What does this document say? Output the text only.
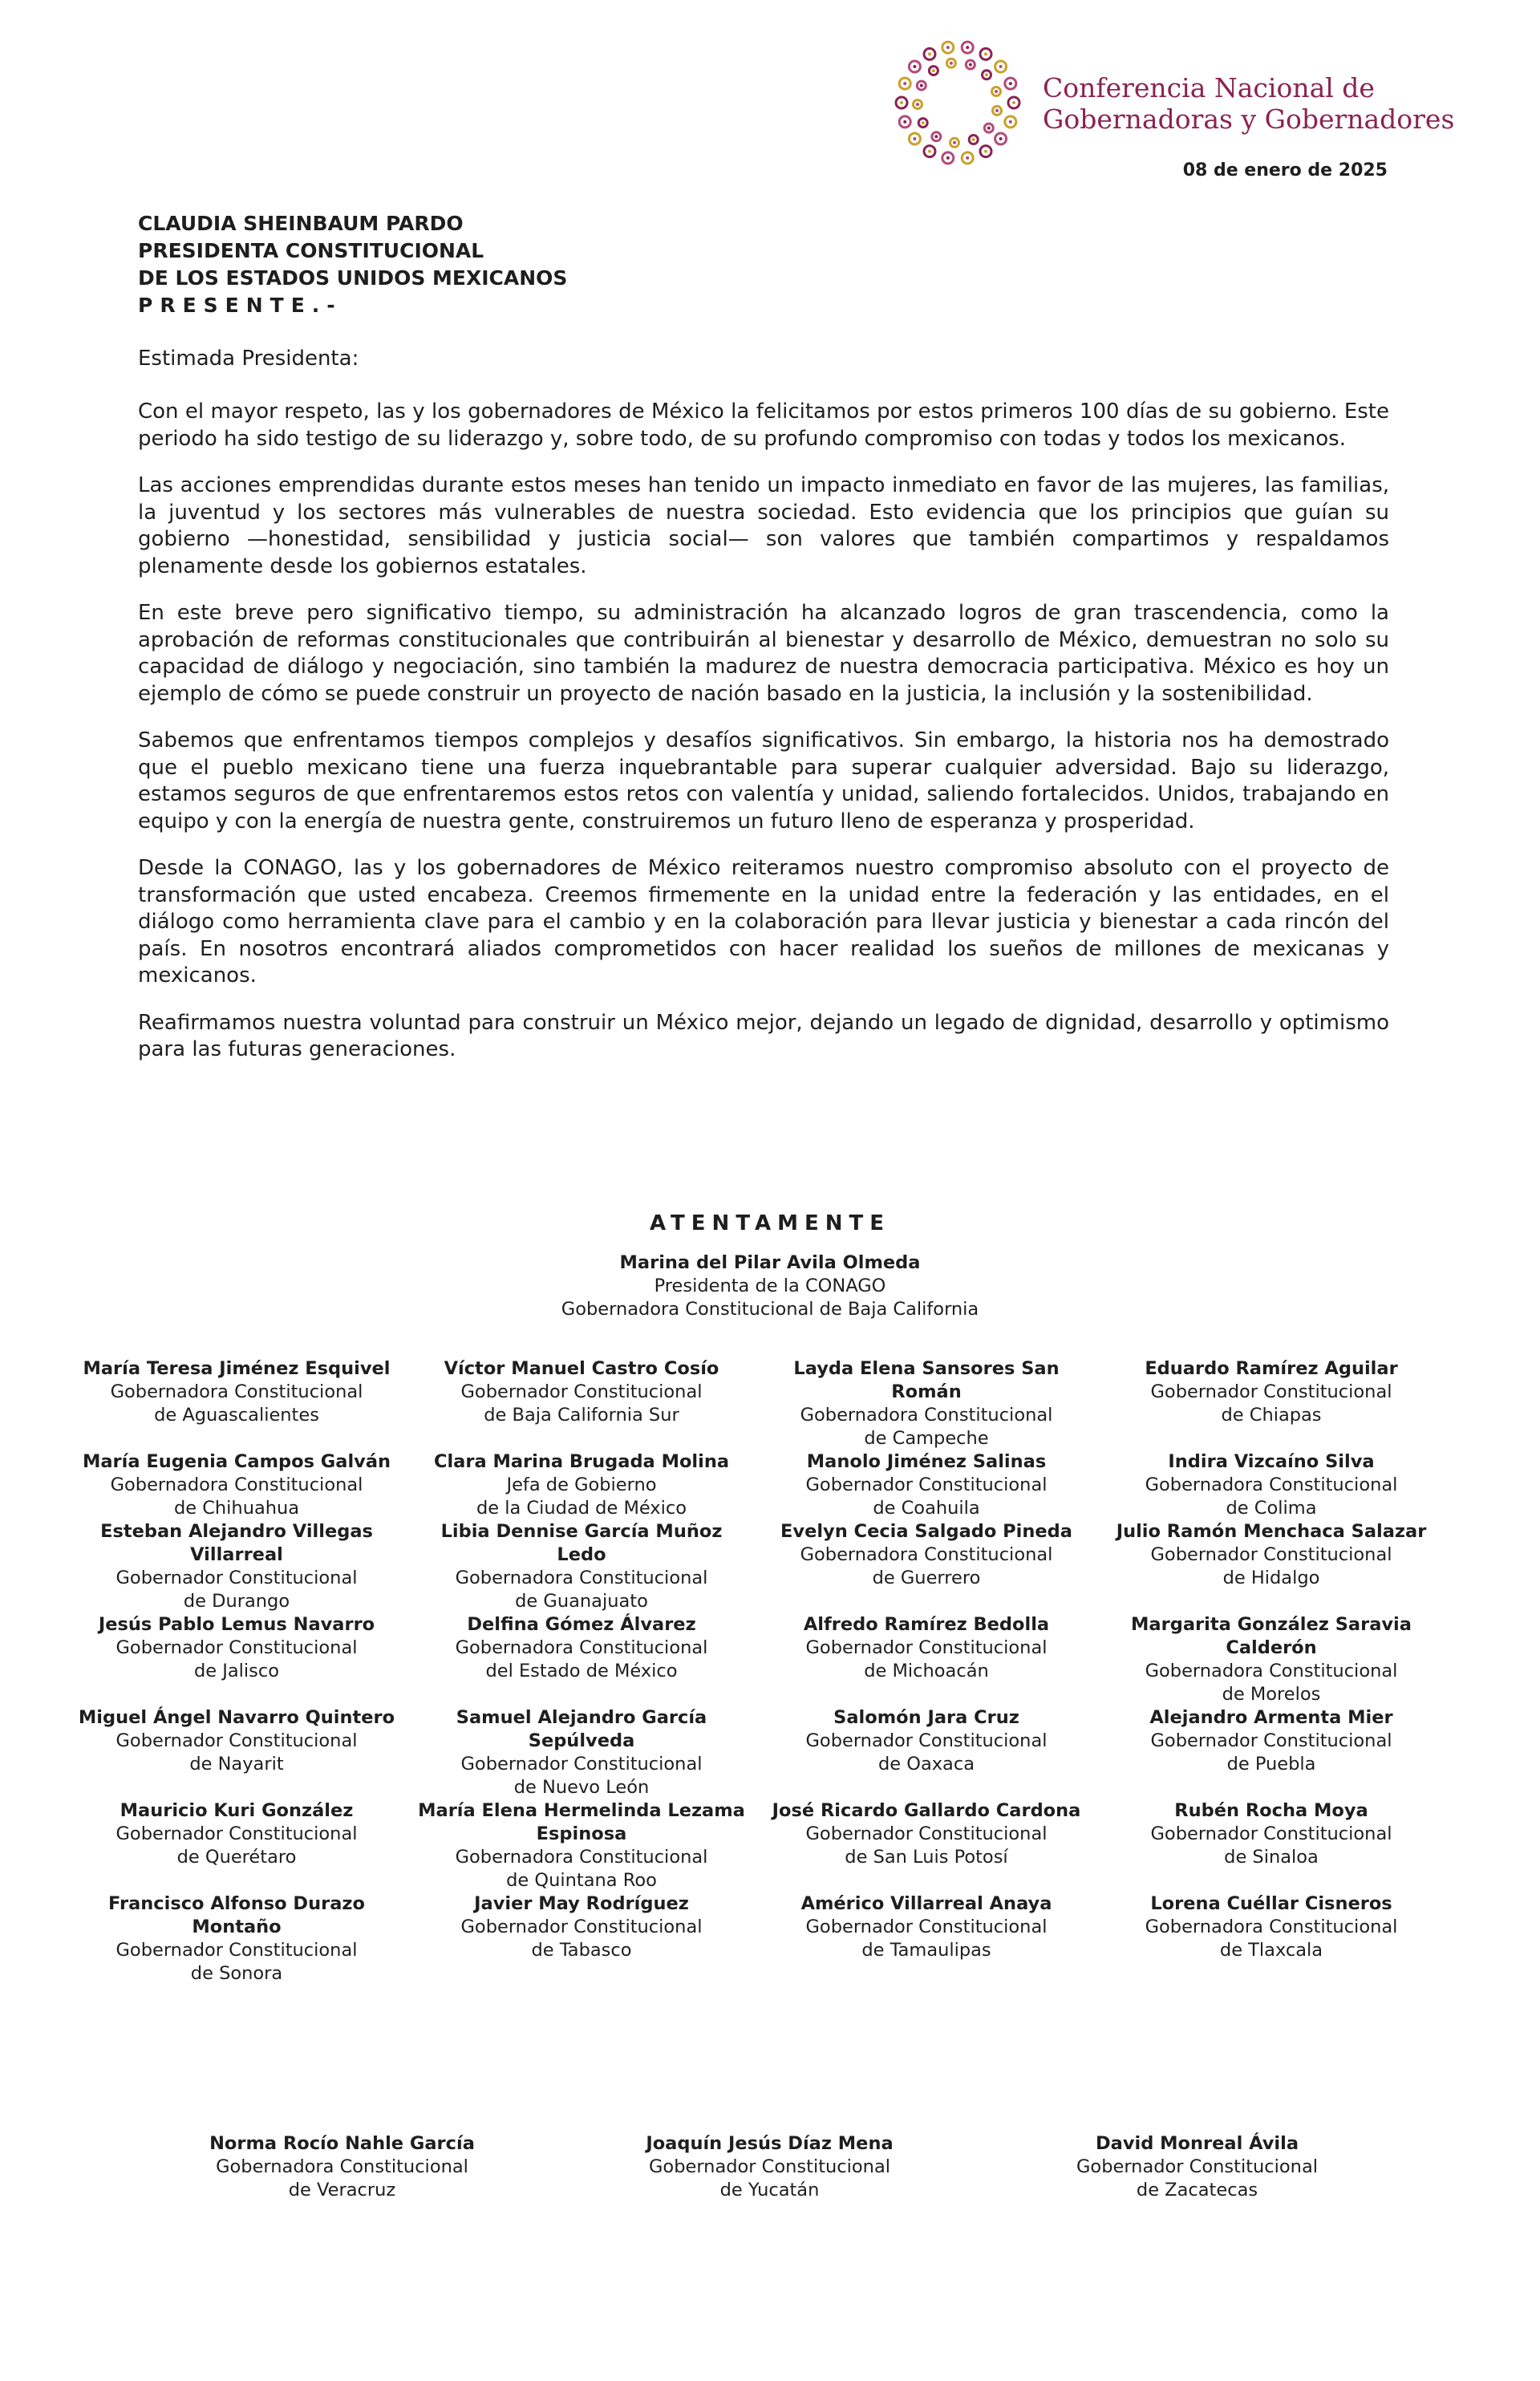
Conferencia Nacional de
Gobernadoras y Gobernadores
08 de enero de 2025
CLAUDIA SHEINBAUM PARDO
PRESIDENTA CONSTITUCIONAL
DE LOS ESTADOS UNIDOS MEXICANOS
PRESENTE.-
Estimada Presidenta:

Con el mayor respeto, las y los gobernadores de México la felicitamos por estos primeros 100 días de su gobierno. Este periodo ha sido testigo de su liderazgo y, sobre todo, de su profundo compromiso con todas y todos los mexicanos.

Las acciones emprendidas durante estos meses han tenido un impacto inmediato en favor de las mujeres, las familias, la juventud y los sectores más vulnerables de nuestra sociedad. Esto evidencia que los principios que guían su gobierno —honestidad, sensibilidad y justicia social— son valores que también compartimos y respaldamos plenamente desde los gobiernos estatales.

En este breve pero significativo tiempo, su administración ha alcanzado logros de gran trascendencia, como la aprobación de reformas constitucionales que contribuirán al bienestar y desarrollo de México, demuestran no solo su capacidad de diálogo y negociación, sino también la madurez de nuestra democracia participativa. México es hoy un ejemplo de cómo se puede construir un proyecto de nación basado en la justicia, la inclusión y la sostenibilidad.

Sabemos que enfrentamos tiempos complejos y desafíos significativos. Sin embargo, la historia nos ha demostrado que el pueblo mexicano tiene una fuerza inquebrantable para superar cualquier adversidad. Bajo su liderazgo, estamos seguros de que enfrentaremos estos retos con valentía y unidad, saliendo fortalecidos. Unidos, trabajando en equipo y con la energía de nuestra gente, construiremos un futuro lleno de esperanza y prosperidad.

Desde la CONAGO, las y los gobernadores de México reiteramos nuestro compromiso absoluto con el proyecto de transformación que usted encabeza. Creemos firmemente en la unidad entre la federación y las entidades, en el diálogo como herramienta clave para el cambio y en la colaboración para llevar justicia y bienestar a cada rincón del país. En nosotros encontrará aliados comprometidos con hacer realidad los sueños de millones de mexicanas y mexicanos.

Reafirmamos nuestra voluntad para construir un México mejor, dejando un legado de dignidad, desarrollo y optimismo para las futuras generaciones.

ATENTAMENTE
Marina del Pilar Avila Olmeda
Presidenta de la CONAGO
Gobernadora Constitucional de Baja California
María Teresa Jiménez Esquivel
Gobernadora Constitucional
de Aguascalientes
Víctor Manuel Castro Cosío
Gobernador Constitucional
de Baja California Sur
Layda Elena Sansores San Román
Gobernadora Constitucional
de Campeche
Eduardo Ramírez Aguilar
Gobernador Constitucional
de Chiapas
María Eugenia Campos Galván
Gobernadora Constitucional
de Chihuahua
Clara Marina Brugada Molina
Jefa de Gobierno
de la Ciudad de México
Manolo Jiménez Salinas
Gobernador Constitucional
de Coahuila
Indira Vizcaíno Silva
Gobernadora Constitucional
de Colima
Esteban Alejandro Villegas Villarreal
Gobernador Constitucional
de Durango
Libia Dennise García Muñoz Ledo
Gobernadora Constitucional
de Guanajuato
Evelyn Cecia Salgado Pineda
Gobernadora Constitucional
de Guerrero
Julio Ramón Menchaca Salazar
Gobernador Constitucional
de Hidalgo
Jesús Pablo Lemus Navarro
Gobernador Constitucional
de Jalisco
Delfina Gómez Álvarez
Gobernadora Constitucional
del Estado de México
Alfredo Ramírez Bedolla
Gobernador Constitucional
de Michoacán
Margarita González Saravia Calderón
Gobernadora Constitucional
de Morelos
Miguel Ángel Navarro Quintero
Gobernador Constitucional
de Nayarit
Samuel Alejandro García Sepúlveda
Gobernador Constitucional
de Nuevo León
Salomón Jara Cruz
Gobernador Constitucional
de Oaxaca
Alejandro Armenta Mier
Gobernador Constitucional
de Puebla
Mauricio Kuri González
Gobernador Constitucional
de Querétaro
María Elena Hermelinda Lezama Espinosa
Gobernadora Constitucional
de Quintana Roo
José Ricardo Gallardo Cardona
Gobernador Constitucional
de San Luis Potosí
Rubén Rocha Moya
Gobernador Constitucional
de Sinaloa
Francisco Alfonso Durazo Montaño
Gobernador Constitucional
de Sonora
Javier May Rodríguez
Gobernador Constitucional
de Tabasco
Américo Villarreal Anaya
Gobernador Constitucional
de Tamaulipas
Lorena Cuéllar Cisneros
Gobernadora Constitucional
de Tlaxcala
Norma Rocío Nahle García
Gobernadora Constitucional
de Veracruz
Joaquín Jesús Díaz Mena
Gobernador Constitucional
de Yucatán
David Monreal Ávila
Gobernador Constitucional
de Zacatecas
